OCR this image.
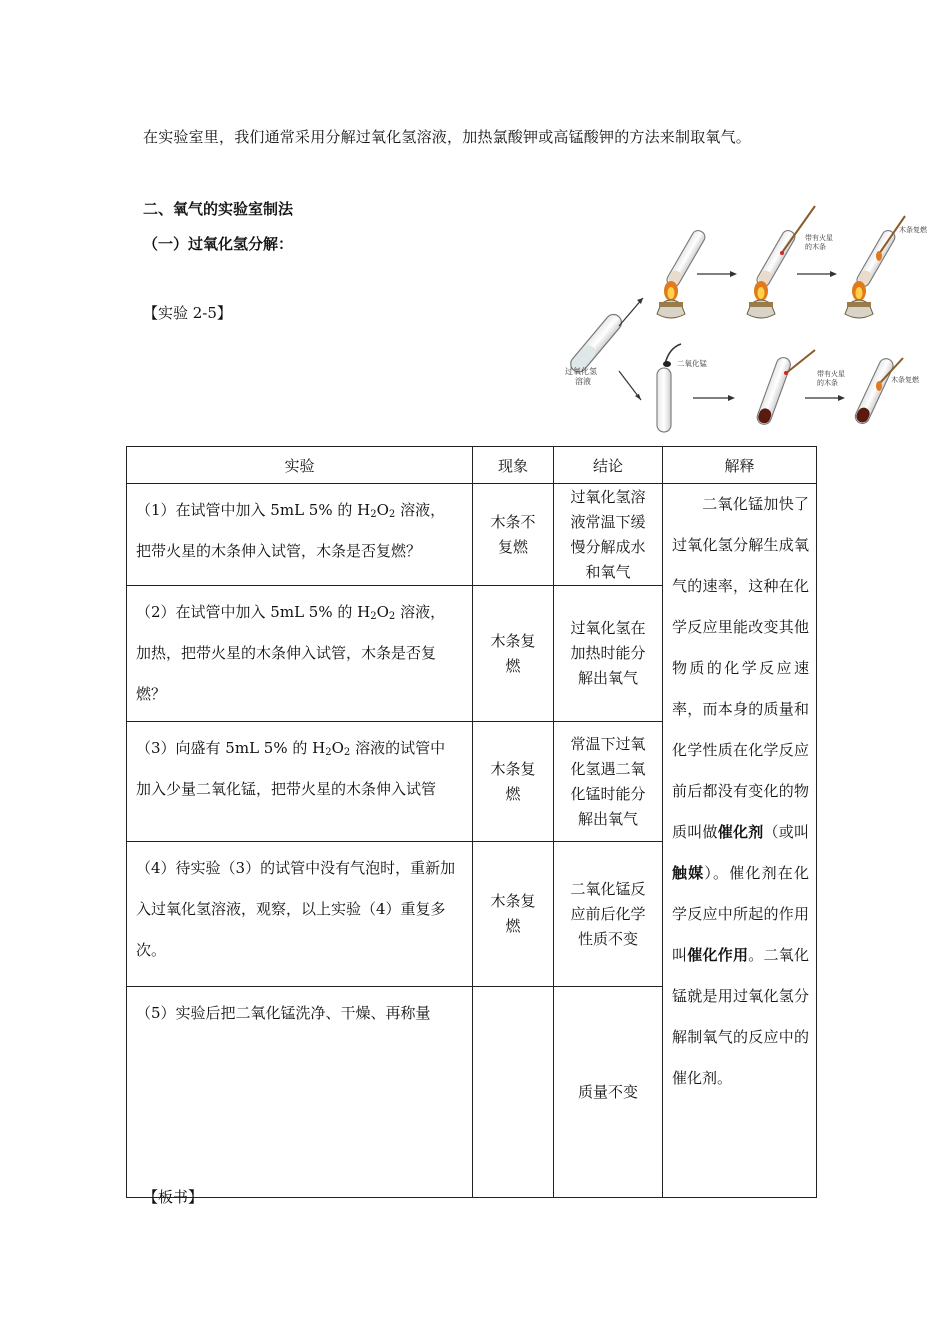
在实验室里，我们通常采用分解过氧化氢溶液，加热氯酸钾或高锰酸钾的方法来制取氧气。
二、氧气的实验室制法
（一）过氧化氢分解：
【实验 2-5】
过氧化氢
溶液
带有火星
的木条
木条复燃
二氧化锰
带有火星
的木条	木条复燃
实验	现象	结论	解释
（1）在试管中加入 5mL 5% 的 $H_2O_2$ 溶液，
把带火星的木条伸入试管，木条是否复燃？	木条不复燃	过氧化氢溶液常温下缓慢分解成水和氧气	  二氧化锰加快了过氧化氢分解生成氧气的速率，这种在化学反应里能改变其他物质的化学反应速率，而本身的质量和化学性质在化学反应前后都没有变化的物质叫做催化剂（或叫触媒）。催化剂在化学反应中所起的作用叫催化作用。二氧化锰就是用过氧化氢分解制氧气的反应中的催化剂。
（2）在试管中加入 5mL 5% 的 $H_2O_2$ 溶液，
加热，把带火星的木条伸入试管，木条是否复燃？	木条复燃	过氧化氢在加热时能分解出氧气	
（3）向盛有 5mL 5% 的 $H_2O_2$ 溶液的试管中
加入少量二氧化锰，把带火星的木条伸入试管	木条复燃	常温下过氧化氢遇二氧化锰时能分解出氧气	
（4）待实验（3）的试管中没有气泡时，重新加入过氧化氢溶液，观察，以上实验（4）重复多次。	木条复燃	二氧化锰反应前后化学性质不变	
（5）实验后把二氧化锰洗净、干燥、再称量		质量不变	
【板书】
